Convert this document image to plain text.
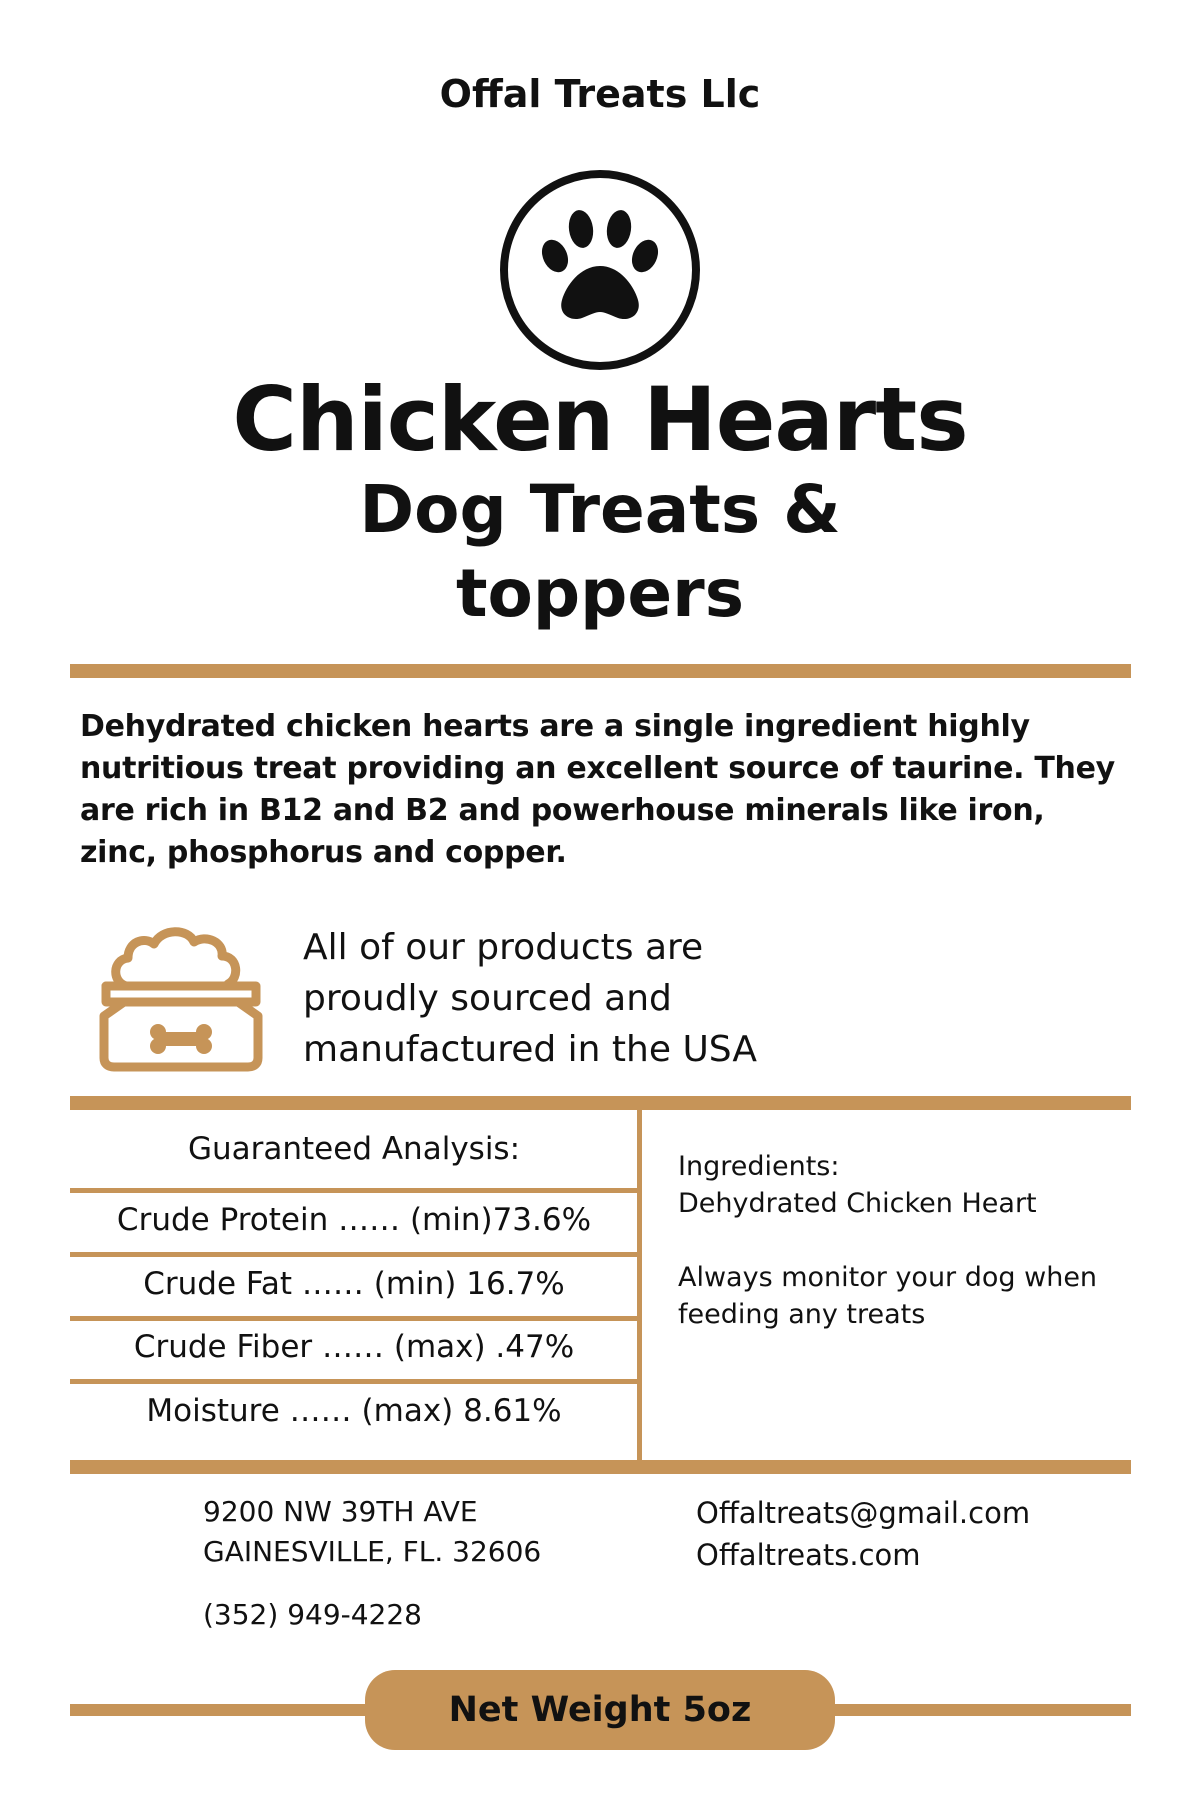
Offal Treats Llc
Chicken Hearts
Dog Treats &
toppers
Dehydrated chicken hearts are a single ingredient highly nutritious treat providing an excellent source of taurine. They are rich in B12 and B2 and powerhouse minerals like iron, zinc, phosphorus and copper.
All of our products are
proudly sourced and
manufactured in the USA
Guaranteed Analysis:
Crude Protein …… (min)73.6%
Crude Fat …… (min) 16.7%
Crude Fiber …… (max) .47%
Moisture …… (max) 8.61%
Ingredients:
Dehydrated Chicken Heart
Always monitor your dog when
feeding any treats
9200 NW 39TH AVE
GAINESVILLE, FL. 32606
(352) 949-4228
Offaltreats@gmail.com
Offaltreats.com
Net Weight 5oz
